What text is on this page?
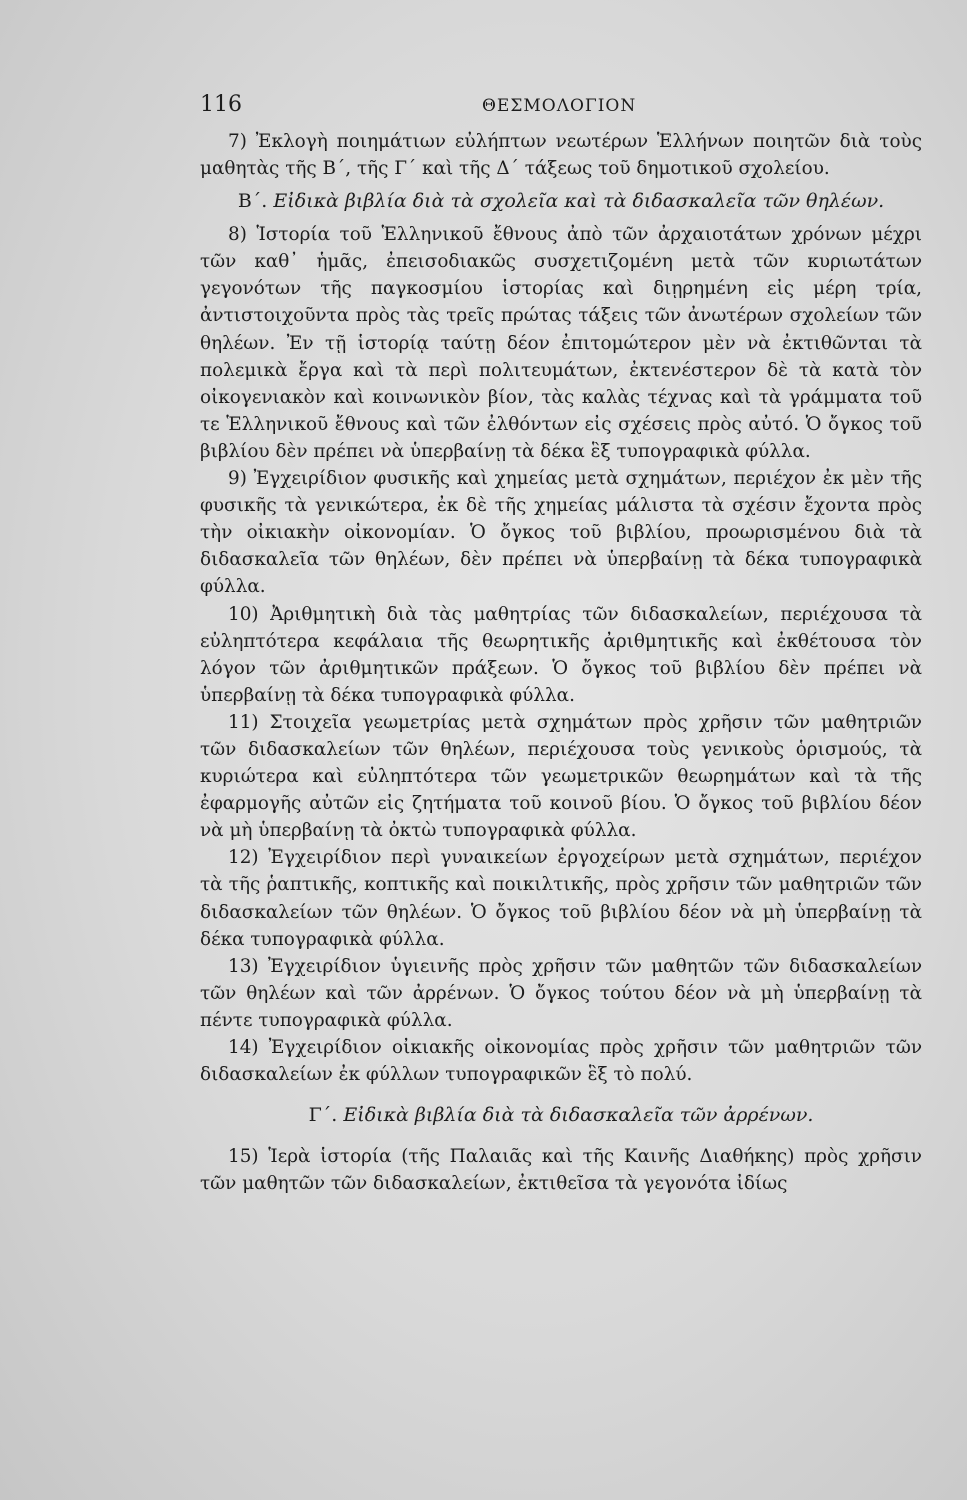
116	ΘΕΣΜΟΛΟΓΙΟΝ

7) Ἐκλογὴ ποιημάτιων εὐλήπτων νεωτέρων Ἑλλήνων ποιητῶν διὰ τοὺς μαθητὰς τῆς Β΄, τῆς Γ΄ καὶ τῆς Δ΄ τάξεως τοῦ δημοτικοῦ σχολείου.

Β΄. Εἰδικὰ βιβλία διὰ τὰ σχολεῖα καὶ τὰ διδασκαλεῖα τῶν θηλέων.

8) Ἱστορία τοῦ Ἑλληνικοῦ ἔθνους ἀπὸ τῶν ἀρχαιοτάτων χρόνων μέχρι τῶν καθ᾽ ἡμᾶς, ἐπεισοδιακῶς συσχετιζομένη μετὰ τῶν κυριωτάτων γεγονότων τῆς παγκοσμίου ἱστορίας καὶ διῃρημένη εἰς μέρη τρία, ἀντιστοιχοῦντα πρὸς τὰς τρεῖς πρώτας τάξεις τῶν ἀνωτέρων σχολείων τῶν θηλέων. Ἐν τῇ ἱστορίᾳ ταύτῃ δέον ἐπιτομώτερον μὲν νὰ ἐκτιθῶνται τὰ πολεμικὰ ἔργα καὶ τὰ περὶ πολιτευμάτων, ἐκτενέστερον δὲ τὰ κατὰ τὸν οἰκογενιακὸν καὶ κοινωνικὸν βίον, τὰς καλὰς τέχνας καὶ τὰ γράμματα τοῦ τε Ἑλληνικοῦ ἔθνους καὶ τῶν ἐλθόντων εἰς σχέσεις πρὸς αὐτό. Ὁ ὄγκος τοῦ βιβλίου δὲν πρέπει νὰ ὑπερβαίνῃ τὰ δέκα ἓξ τυπογραφικὰ φύλλα.

9) Ἐγχειρίδιον φυσικῆς καὶ χημείας μετὰ σχημάτων, περιέχον ἐκ μὲν τῆς φυσικῆς τὰ γενικώτερα, ἐκ δὲ τῆς χημείας μάλιστα τὰ σχέσιν ἔχοντα πρὸς τὴν οἰκιακὴν οἰκονομίαν. Ὁ ὄγκος τοῦ βιβλίου, προωρισμένου διὰ τὰ διδασκαλεῖα τῶν θηλέων, δὲν πρέπει νὰ ὑπερβαίνῃ τὰ δέκα τυπογραφικὰ φύλλα.

10) Ἀριθμητικὴ διὰ τὰς μαθητρίας τῶν διδασκαλείων, περιέχουσα τὰ εὐληπτότερα κεφάλαια τῆς θεωρητικῆς ἀριθμητικῆς καὶ ἐκθέτουσα τὸν λόγον τῶν ἀριθμητικῶν πράξεων. Ὁ ὄγκος τοῦ βιβλίου δὲν πρέπει νὰ ὑπερβαίνῃ τὰ δέκα τυπογραφικὰ φύλλα.

11) Στοιχεῖα γεωμετρίας μετὰ σχημάτων πρὸς χρῆσιν τῶν μαθητριῶν τῶν διδασκαλείων τῶν θηλέων, περιέχουσα τοὺς γενικοὺς ὁρισμούς, τὰ κυριώτερα καὶ εὐληπτότερα τῶν γεωμετρικῶν θεωρημάτων καὶ τὰ τῆς ἐφαρμογῆς αὐτῶν εἰς ζητήματα τοῦ κοινοῦ βίου. Ὁ ὄγκος τοῦ βιβλίου δέον νὰ μὴ ὑπερβαίνῃ τὰ ὀκτὼ τυπογραφικὰ φύλλα.

12) Ἐγχειρίδιον περὶ γυναικείων ἐργοχείρων μετὰ σχημάτων, περιέχον τὰ τῆς ῥαπτικῆς, κοπτικῆς καὶ ποικιλτικῆς, πρὸς χρῆσιν τῶν μαθητριῶν τῶν διδασκαλείων τῶν θηλέων. Ὁ ὄγκος τοῦ βιβλίου δέον νὰ μὴ ὑπερβαίνῃ τὰ δέκα τυπογραφικὰ φύλλα.

13) Ἐγχειρίδιον ὑγιεινῆς πρὸς χρῆσιν τῶν μαθητῶν τῶν διδασκαλείων τῶν θηλέων καὶ τῶν ἀρρένων. Ὁ ὄγκος τούτου δέον νὰ μὴ ὑπερβαίνῃ τὰ πέντε τυπογραφικὰ φύλλα.

14) Ἐγχειρίδιον οἰκιακῆς οἰκονομίας πρὸς χρῆσιν τῶν μαθητριῶν τῶν διδασκαλείων ἐκ φύλλων τυπογραφικῶν ἓξ τὸ πολύ.

Γ΄. Εἰδικὰ βιβλία διὰ τὰ διδασκαλεῖα τῶν ἀρρένων.

15) Ἱερὰ ἱστορία (τῆς Παλαιᾶς καὶ τῆς Καινῆς Διαθήκης) πρὸς χρῆσιν τῶν μαθητῶν τῶν διδασκαλείων, ἐκτιθεῖσα τὰ γεγονότα ἰδίως
